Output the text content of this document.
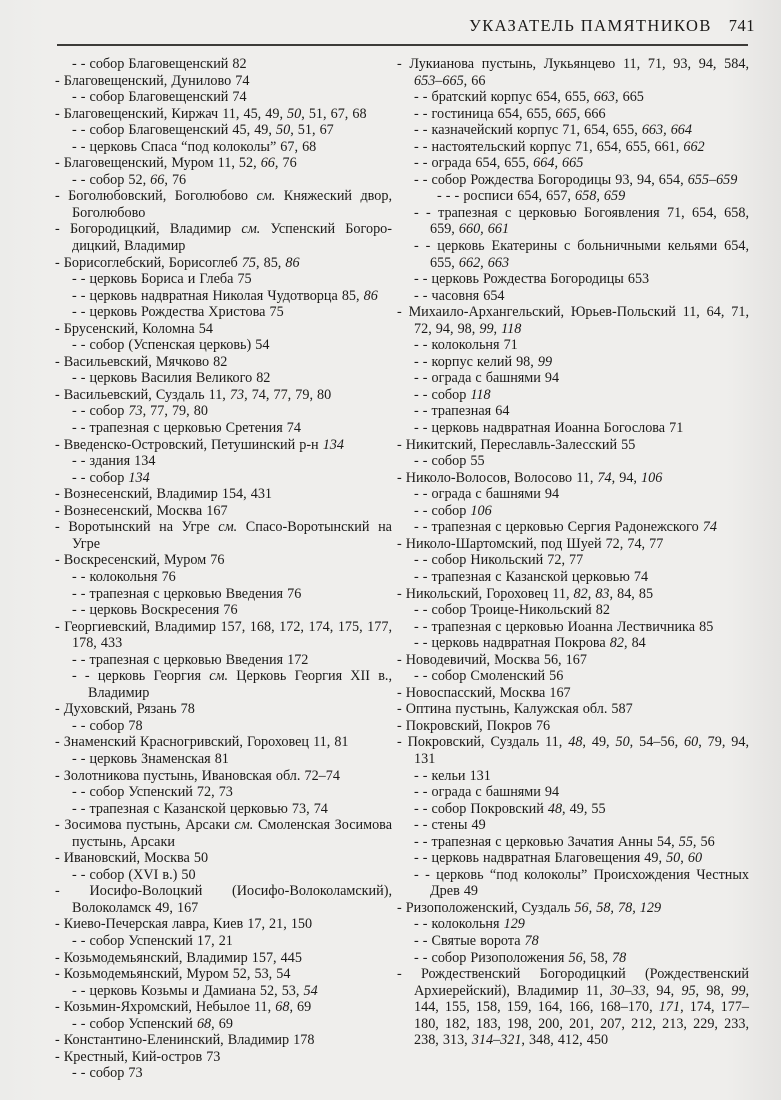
УКАЗАТЕЛЬ ПАМЯТНИКОВ 741

- - собор Благовещенский 82

- Благовещенский, Дунилово 74

- - собор Благовещенский 74

- Благовещенский, Киржач 11, 45, 49, 50, 51, 67, 68

- - собор Благовещенский 45, 49, 50, 51, 67

- - церковь Спаса “под колоколы” 67, 68

- Благовещенский, Муром 11, 52, 66, 76

- - собор 52, 66, 76

- Боголюбовский, Боголюбово см. Княжеский двор, Боголюбово

- Богородицкий, Владимир см. Успенский Богородицкий, Владимир

- Борисоглебский, Борисоглеб 75, 85, 86

- - церковь Бориса и Глеба 75

- - церковь надвратная Николая Чудотворца 85, 86

- - церковь Рождества Христова 75

- Брусенский, Коломна 54

- - собор (Успенская церковь) 54

- Васильевский, Мячково 82

- - церковь Василия Великого 82

- Васильевский, Суздаль 11, 73, 74, 77, 79, 80

- - собор 73, 77, 79, 80

- - трапезная с церковью Сретения 74

- Введенско-Островский, Петушинский р-н 134

- - здания 134

- - собор 134

- Вознесенский, Владимир 154, 431

- Вознесенский, Москва 167

- Воротынский на Угре см. Спасо-Воротынский на Угре

- Воскресенский, Муром 76

- - колокольня 76

- - трапезная с церковью Введения 76

- - церковь Воскресения 76

- Георгиевский, Владимир 157, 168, 172, 174, 175, 177, 178, 433

- - трапезная с церковью Введения 172

- - церковь Георгия см. Церковь Георгия XII в., Владимир

- Духовский, Рязань 78

- - собор 78

- Знаменский Красногривский, Гороховец 11, 81

- - церковь Знаменская 81

- Золотникова пустынь, Ивановская обл. 72–74

- - собор Успенский 72, 73

- - трапезная с Казанской церковью 73, 74

- Зосимова пустынь, Арсаки см. Смоленская Зосимова пустынь, Арсаки

- Ивановский, Москва 50

- - собор (XVI в.) 50

- Иосифо-Волоцкий (Иосифо-Волоколамский), Волоколамск 49, 167

- Киево-Печерская лавра, Киев 17, 21, 150

- - собор Успенский 17, 21

- Козьмодемьянский, Владимир 157, 445

- Козьмодемьянский, Муром 52, 53, 54

- - церковь Козьмы и Дамиана 52, 53, 54

- Козьмин-Яхромский, Небылое 11, 68, 69

- - собор Успенский 68, 69

- Константино-Еленинский, Владимир 178

- Крестный, Кий-остров 73

- - собор 73

- Лукианова пустынь, Лукьянцево 11, 71, 93, 94, 584, 653–665, 66

- - братский корпус 654, 655, 663, 665

- - гостиница 654, 655, 665, 666

- - казначейский корпус 71, 654, 655, 663, 664

- - настоятельский корпус 71, 654, 655, 661, 662

- - ограда 654, 655, 664, 665

- - собор Рождества Богородицы 93, 94, 654, 655–659

- - - росписи 654, 657, 658, 659

- - трапезная с церковью Богоявления 71, 654, 658, 659, 660, 661

- - церковь Екатерины с больничными кельями 654, 655, 662, 663

- - церковь Рождества Богородицы 653

- - часовня 654

- Михаило-Архангельский, Юрьев-Польский 11, 64, 71, 72, 94, 98, 99, 118

- - колокольня 71

- - корпус келий 98, 99

- - ограда с башнями 94

- - собор 118

- - трапезная 64

- - церковь надвратная Иоанна Богослова 71

- Никитский, Переславль-Залесский 55

- - собор 55

- Николо-Волосов, Волосово 11, 74, 94, 106

- - ограда с башнями 94

- - собор 106

- - трапезная с церковью Сергия Радонежского 74

- Николо-Шартомский, под Шуей 72, 74, 77

- - собор Никольский 72, 77

- - трапезная с Казанской церковью 74

- Никольский, Гороховец 11, 82, 83, 84, 85

- - собор Троице-Никольский 82

- - трапезная с церковью Иоанна Лествичника 85

- - церковь надвратная Покрова 82, 84

- Новодевичий, Москва 56, 167

- - собор Смоленский 56

- Новоспасский, Москва 167

- Оптина пустынь, Калужская обл. 587

- Покровский, Покров 76

- Покровский, Суздаль 11, 48, 49, 50, 54–56, 60, 79, 94, 131

- - кельи 131

- - ограда с башнями 94

- - собор Покровский 48, 49, 55

- - стены 49

- - трапезная с церковью Зачатия Анны 54, 55, 56

- - церковь надвратная Благовещения 49, 50, 60

- - церковь “под колоколы” Происхождения Честных Древ 49

- Ризоположенский, Суздаль 56, 58, 78, 129

- - колокольня 129

- - Святые ворота 78

- - собор Ризоположения 56, 58, 78

- Рождественский Богородицкий (Рождественский Архиерейский), Владимир 11, 30–33, 94, 95, 98, 99, 144, 155, 158, 159, 164, 166, 168–170, 171, 174, 177–180, 182, 183, 198, 200, 201, 207, 212, 213, 229, 233, 238, 313, 314–321, 348, 412, 450
